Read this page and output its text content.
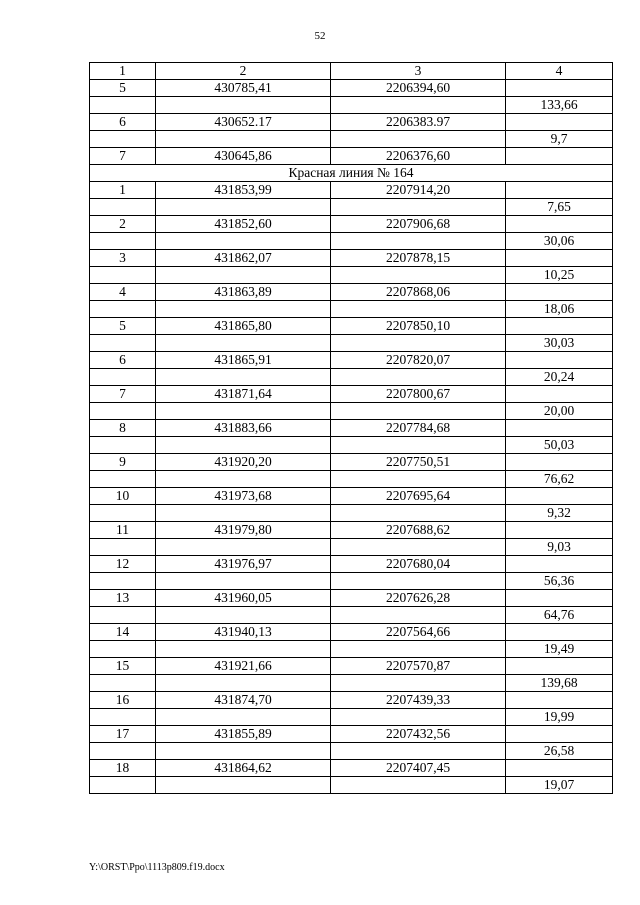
52
1	2	3	4
5	430785,41	2206394,60	
			133,66
6	430652.17	2206383.97	
			9,7
7	430645,86	2206376,60	
Красная линия № 164			
1	431853,99	2207914,20	
			7,65
2	431852,60	2207906,68	
			30,06
3	431862,07	2207878,15	
			10,25
4	431863,89	2207868,06	
			18,06
5	431865,80	2207850,10	
			30,03
6	431865,91	2207820,07	
			20,24
7	431871,64	2207800,67	
			20,00
8	431883,66	2207784,68	
			50,03
9	431920,20	2207750,51	
			76,62
10	431973,68	2207695,64	
			9,32
11	431979,80	2207688,62	
			9,03
12	431976,97	2207680,04	
			56,36
13	431960,05	2207626,28	
			64,76
14	431940,13	2207564,66	
			19,49
15	431921,66	2207570,87	
			139,68
16	431874,70	2207439,33	
			19,99
17	431855,89	2207432,56	
			26,58
18	431864,62	2207407,45	
			19,07
Y:\ORST\Ppo\1113p809.f19.docx
